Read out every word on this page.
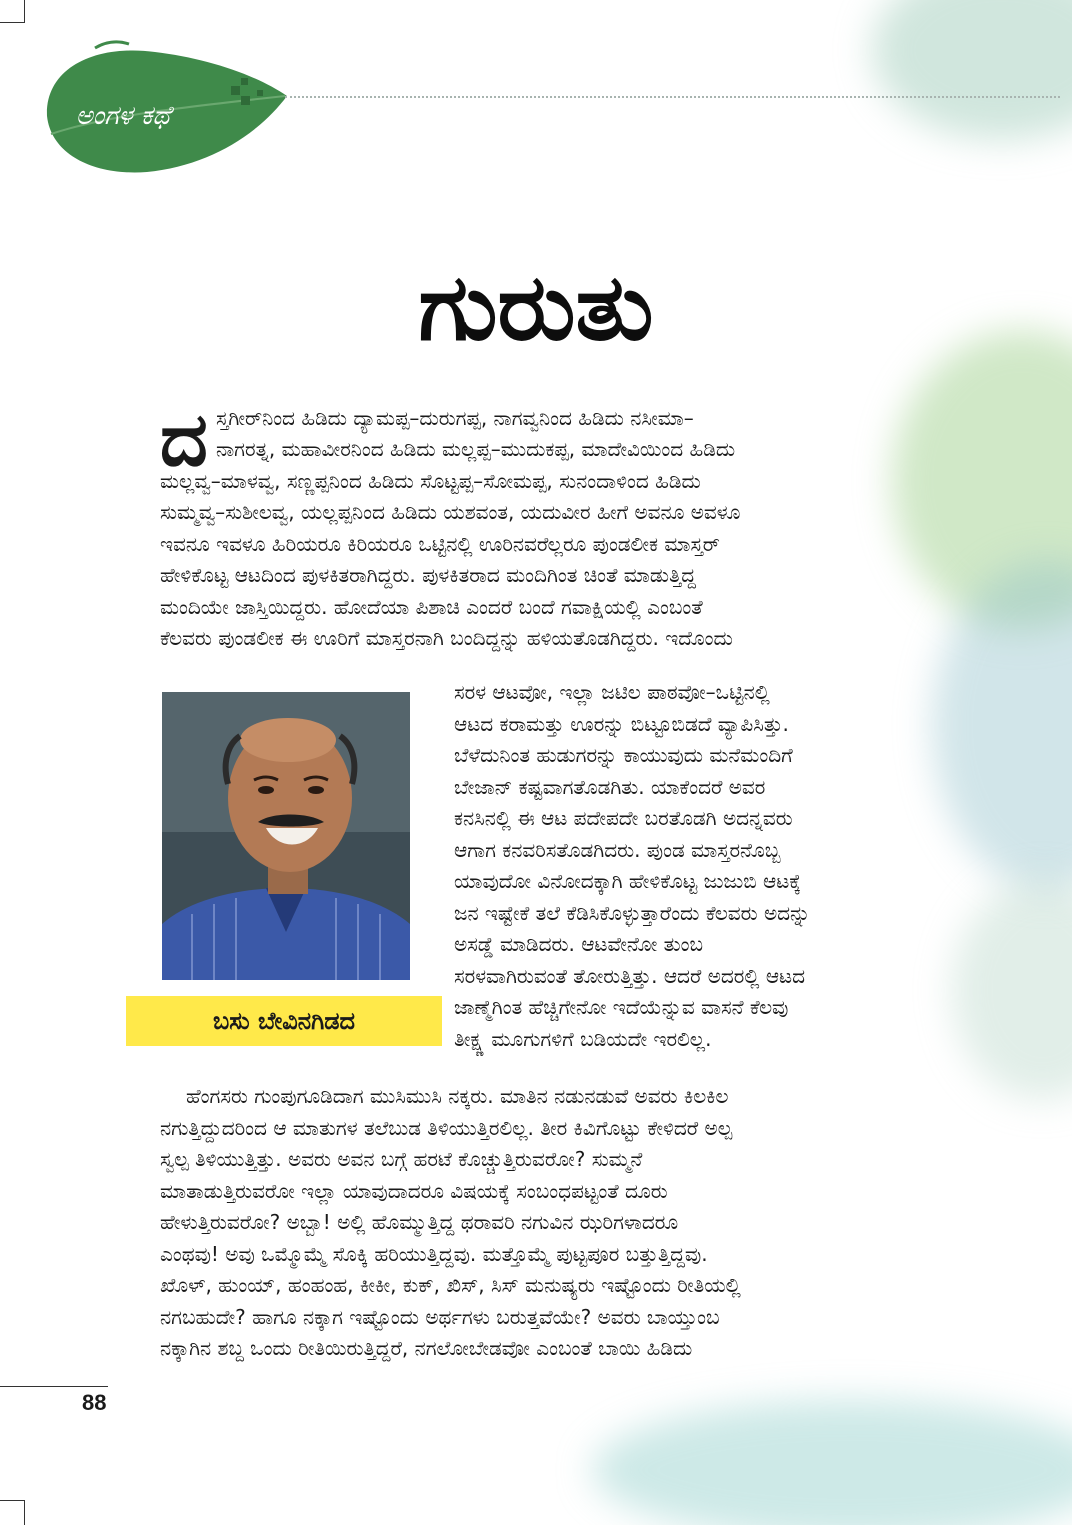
ಅಂಗಳ ಕಥೆ
ಗುರುತು
ದ ಸ್ತಗೀರ್‌ನಿಂದ ಹಿಡಿದು ದ್ಯಾಮಪ್ಪ–ದುರುಗಪ್ಪ, ನಾಗವ್ವನಿಂದ ಹಿಡಿದು ನಸೀಮಾ–
ನಾಗರತ್ನ, ಮಹಾವೀರನಿಂದ ಹಿಡಿದು ಮಲ್ಲಪ್ಪ–ಮುದುಕಪ್ಪ, ಮಾದೇವಿಯಿಂದ ಹಿಡಿದು
ಮಲ್ಲವ್ವ–ಮಾಳವ್ವ, ಸಣ್ಣಪ್ಪನಿಂದ ಹಿಡಿದು ಸೊಟ್ಟಪ್ಪ–ಸೋಮಪ್ಪ, ಸುನಂದಾಳಿಂದ ಹಿಡಿದು
ಸುಮ್ಮವ್ವ–ಸುಶೀಲವ್ವ, ಯಲ್ಲಪ್ಪನಿಂದ ಹಿಡಿದು ಯಶವಂತ, ಯದುವೀರ ಹೀಗೆ ಅವನೂ ಅವಳೂ
ಇವನೂ ಇವಳೂ ಹಿರಿಯರೂ ಕಿರಿಯರೂ ಒಟ್ಟಿನಲ್ಲಿ ಊರಿನವರೆಲ್ಲರೂ ಪುಂಡಲೀಕ ಮಾಸ್ತರ್
ಹೇಳಿಕೊಟ್ಟ ಆಟದಿಂದ ಪುಳಕಿತರಾಗಿದ್ದರು. ಪುಳಕಿತರಾದ ಮಂದಿಗಿಂತ ಚಿಂತೆ ಮಾಡುತ್ತಿದ್ದ
ಮಂದಿಯೇ ಜಾಸ್ತಿಯಿದ್ದರು. ಹೋದೆಯಾ ಪಿಶಾಚಿ ಎಂದರೆ ಬಂದೆ ಗವಾಕ್ಷಿಯಲ್ಲಿ ಎಂಬಂತೆ
ಕೆಲವರು ಪುಂಡಲೀಕ ಈ ಊರಿಗೆ ಮಾಸ್ತರನಾಗಿ ಬಂದಿದ್ದನ್ನು ಹಳಿಯತೊಡಗಿದ್ದರು. ಇದೊಂದು
ಸರಳ ಆಟವೋ, ಇಲ್ಲಾ ಜಟಿಲ ಪಾಠವೋ–ಒಟ್ಟಿನಲ್ಲಿ
ಆಟದ ಕರಾಮತ್ತು ಊರನ್ನು ಬಿಟ್ಟೂಬಿಡದೆ ವ್ಯಾಪಿಸಿತ್ತು.
ಬೆಳೆದುನಿಂತ ಹುಡುಗರನ್ನು ಕಾಯುವುದು ಮನೆಮಂದಿಗೆ
ಬೇಜಾನ್ ಕಷ್ಟವಾಗತೊಡಗಿತು. ಯಾಕೆಂದರೆ ಅವರ
ಕನಸಿನಲ್ಲಿ ಈ ಆಟ ಪದೇಪದೇ ಬರತೊಡಗಿ ಅದನ್ನವರು
ಆಗಾಗ ಕನವರಿಸತೊಡಗಿದರು. ಪುಂಡ ಮಾಸ್ತರನೊಬ್ಬ
ಯಾವುದೋ ವಿನೋದಕ್ಕಾಗಿ ಹೇಳಿಕೊಟ್ಟ ಜುಜುಬಿ ಆಟಕ್ಕೆ
ಜನ ಇಷ್ಟೇಕೆ ತಲೆ ಕೆಡಿಸಿಕೊಳ್ಳುತ್ತಾರೆಂದು ಕೆಲವರು ಅದನ್ನು
ಅಸಡ್ಡೆ ಮಾಡಿದರು. ಆಟವೇನೋ ತುಂಬ
ಸರಳವಾಗಿರುವಂತೆ ತೋರುತ್ತಿತ್ತು. ಆದರೆ ಅದರಲ್ಲಿ ಆಟದ
ಜಾಣ್ಮೆಗಿಂತ ಹೆಚ್ಚಿಗೇನೋ ಇದೆಯೆನ್ನುವ ವಾಸನೆ ಕೆಲವು
ತೀಕ್ಷ್ಣ ಮೂಗುಗಳಿಗೆ ಬಡಿಯದೇ ಇರಲಿಲ್ಲ.
ಬಸು ಬೇವಿನಗಿಡದ
ಹೆಂಗಸರು ಗುಂಪುಗೂಡಿದಾಗ ಮುಸಿಮುಸಿ ನಕ್ಕರು. ಮಾತಿನ ನಡುನಡುವೆ ಅವರು ಕಿಲಕಿಲ
ನಗುತ್ತಿದ್ದುದರಿಂದ ಆ ಮಾತುಗಳ ತಲೆಬುಡ ತಿಳಿಯುತ್ತಿರಲಿಲ್ಲ. ತೀರ ಕಿವಿಗೊಟ್ಟು ಕೇಳಿದರೆ ಅಲ್ಪ
ಸ್ವಲ್ಪ ತಿಳಿಯುತ್ತಿತ್ತು. ಅವರು ಅವನ ಬಗ್ಗೆ ಹರಟೆ ಕೊಚ್ಚುತ್ತಿರುವರೋ? ಸುಮ್ಮನೆ
ಮಾತಾಡುತ್ತಿರುವರೋ ಇಲ್ಲಾ ಯಾವುದಾದರೂ ವಿಷಯಕ್ಕೆ ಸಂಬಂಧಪಟ್ಟಂತೆ ದೂರು
ಹೇಳುತ್ತಿರುವರೋ? ಅಬ್ಬಾ! ಅಲ್ಲಿ ಹೊಮ್ಮುತ್ತಿದ್ದ ಥರಾವರಿ ನಗುವಿನ ಝರಿಗಳಾದರೂ
ಎಂಥವು! ಅವು ಒಮ್ಮೊಮ್ಮೆ ಸೊಕ್ಕಿ ಹರಿಯುತ್ತಿದ್ದವು. ಮತ್ತೊಮ್ಮೆ ಪುಟ್ಟಪೂರ ಬತ್ತುತ್ತಿದ್ದವು.
ಖೊಳ್, ಹುಂಯ್, ಹಂಹಂಹ, ಕೀಕೀ, ಕುಕ್, ಖಿಸ್, ಸಿಸ್ ಮನುಷ್ಯರು ಇಷ್ಟೊಂದು ರೀತಿಯಲ್ಲಿ
ನಗಬಹುದೇ? ಹಾಗೂ ನಕ್ಕಾಗ ಇಷ್ಟೊಂದು ಅರ್ಥಗಳು ಬರುತ್ತವೆಯೇ? ಅವರು ಬಾಯ್ತುಂಬ
ನಕ್ಕಾಗಿನ ಶಬ್ದ ಒಂದು ರೀತಿಯಿರುತ್ತಿದ್ದರೆ, ನಗಲೋಬೇಡವೋ ಎಂಬಂತೆ ಬಾಯಿ ಹಿಡಿದು
88
